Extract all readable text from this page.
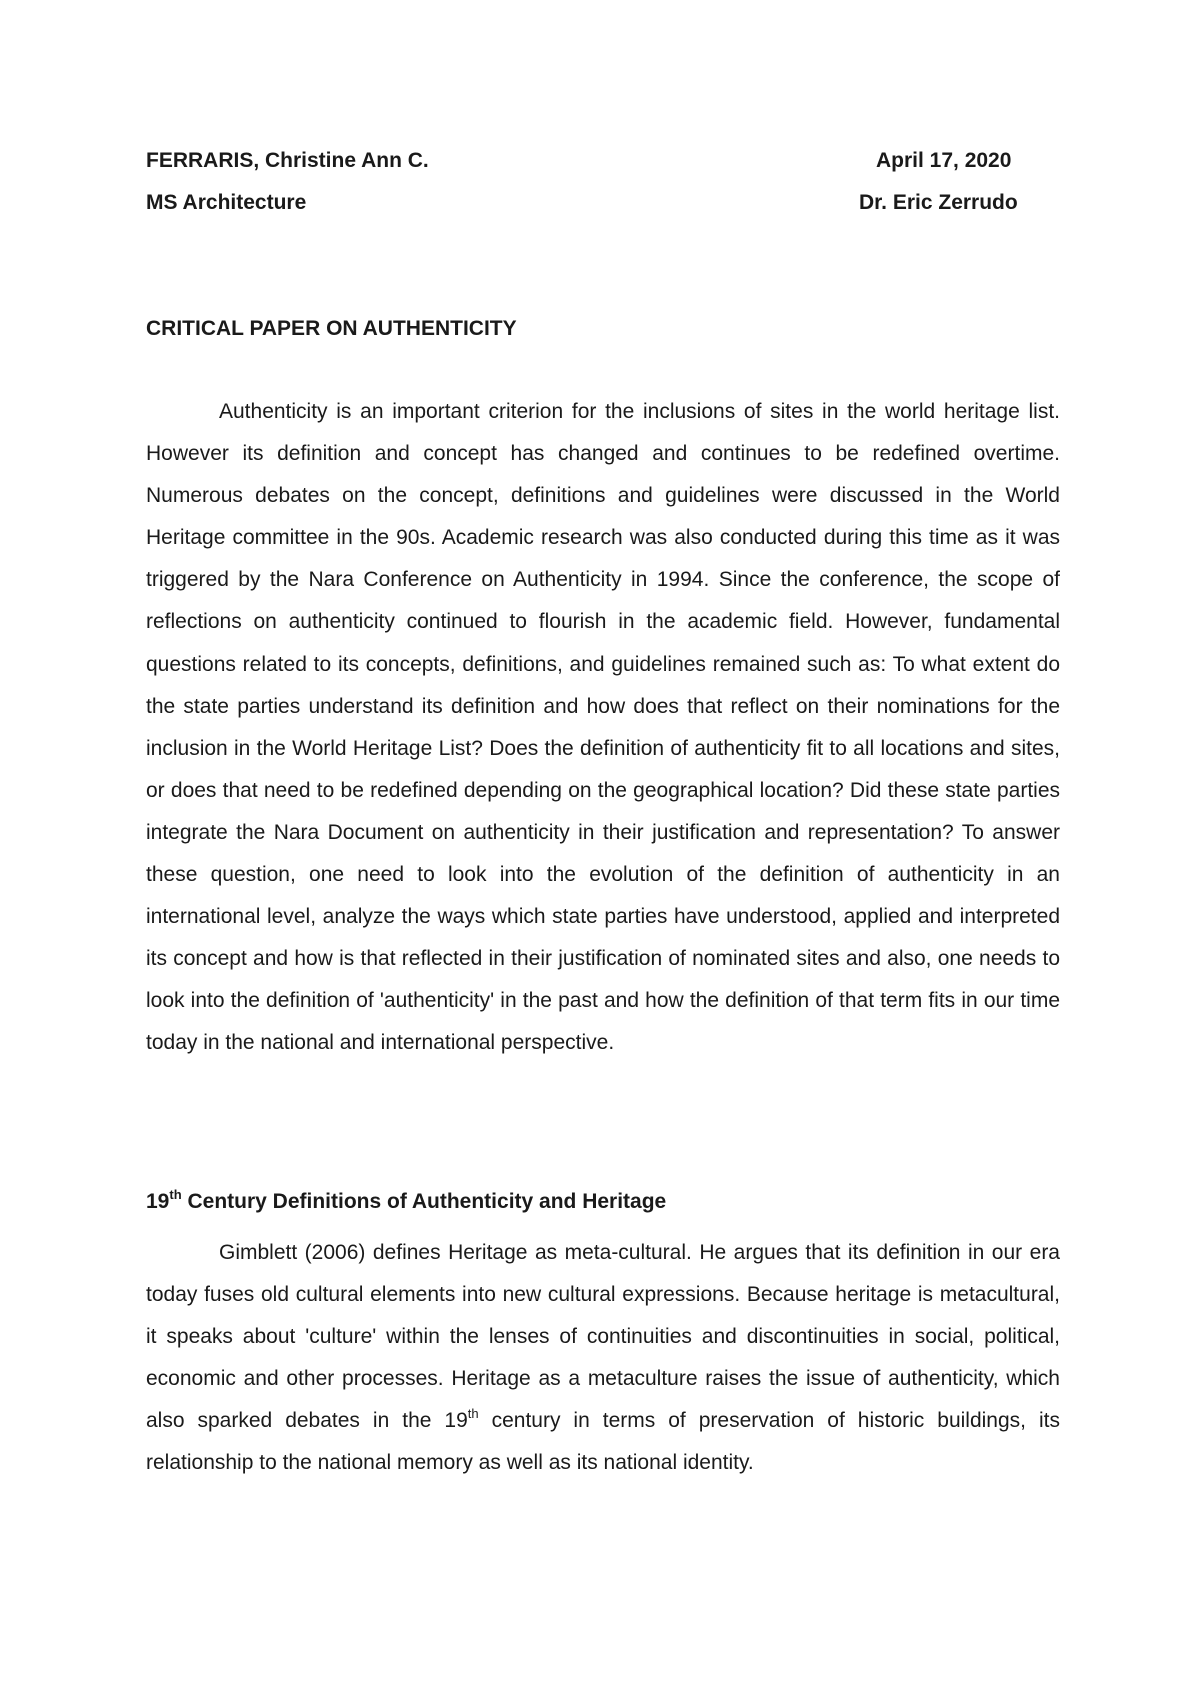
FERRARIS, Christine Ann C.	April 17, 2020
MS Architecture	Dr. Eric Zerrudo
CRITICAL PAPER ON AUTHENTICITY

Authenticity is an important criterion for the inclusions of sites in the world heritage list. However its definition and concept has changed and continues to be redefined overtime. Numerous debates on the concept, definitions and guidelines were discussed in the World Heritage committee in the 90s. Academic research was also conducted during this time as it was triggered by the Nara Conference on Authenticity in 1994. Since the conference, the scope of reflections on authenticity continued to flourish in the academic field. However, fundamental questions related to its concepts, definitions, and guidelines remained such as: To what extent do the state parties understand its definition and how does that reflect on their nominations for the inclusion in the World Heritage List? Does the definition of authenticity fit to all locations and sites, or does that need to be redefined depending on the geographical location? Did these state parties integrate the Nara Document on authenticity in their justification and representation? To answer these question, one need to look into the evolution of the definition of authenticity in an international level, analyze the ways which state parties have understood, applied and interpreted its concept and how is that reflected in their justification of nominated sites and also, one needs to look into the definition of 'authenticity' in the past and how the definition of that term fits in our time today in the national and international perspective.

19th Century Definitions of Authenticity and Heritage

Gimblett (2006) defines Heritage as meta-cultural. He argues that its definition in our era today fuses old cultural elements into new cultural expressions. Because heritage is metacultural, it speaks about 'culture' within the lenses of continuities and discontinuities in social, political, economic and other processes. Heritage as a metaculture raises the issue of authenticity, which also sparked debates in the 19th century in terms of preservation of historic buildings, its relationship to the national memory as well as its national identity.
